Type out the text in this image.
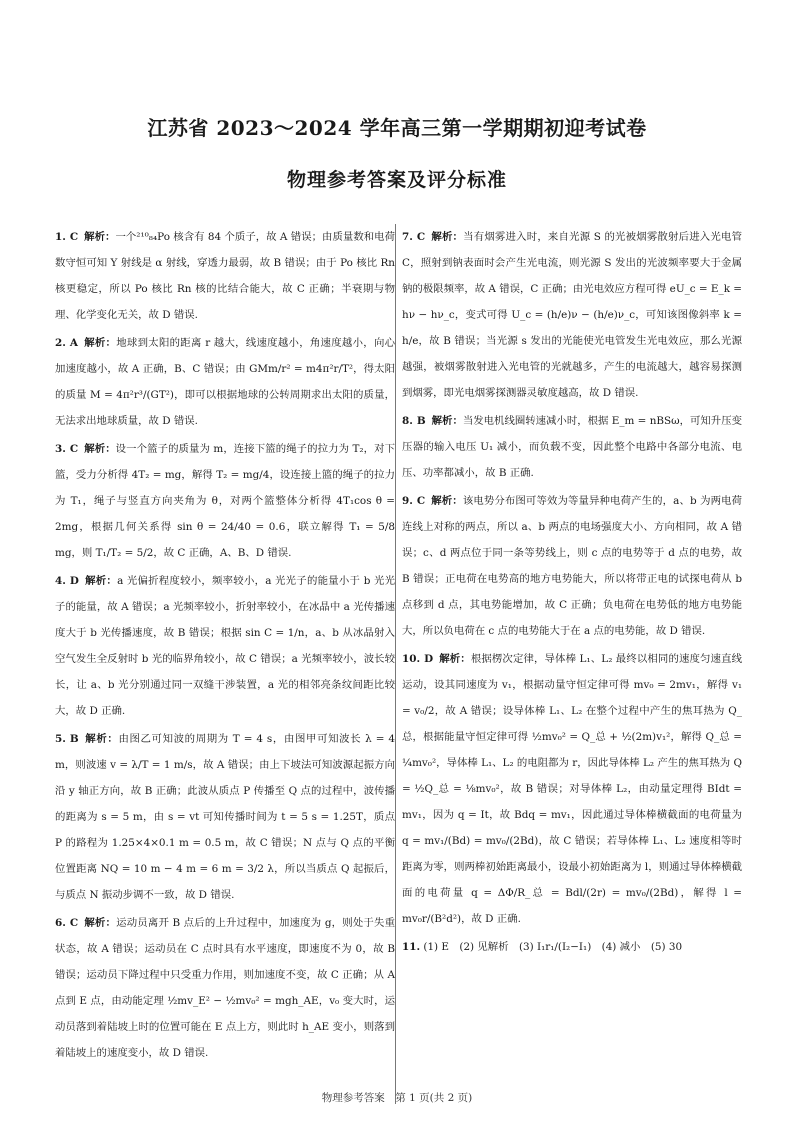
江苏省 2023～2024 学年高三第一学期期初迎考试卷
物理参考答案及评分标准

1. C 解析：一个²¹⁰₈₄Po 核含有 84 个质子，故 A 错误；由质量数和电荷数守恒可知 Y 射线是 α 射线，穿透力最弱，故 B 错误；由于 Po 核比 Rn 核更稳定，所以 Po 核比 Rn 核的比结合能大，故 C 正确；半衰期与物理、化学变化无关，故 D 错误.

2. A 解析：地球到太阳的距离 r 越大，线速度越小，角速度越小，向心加速度越小，故 A 正确，B、C 错误；由 GMm/r² = m4π²r/T²，得太阳的质量 M = 4π²r³/(GT²)，即可以根据地球的公转周期求出太阳的质量，无法求出地球质量，故 D 错误.

3. C 解析：设一个篮子的质量为 m，连接下篮的绳子的拉力为 T₂，对下篮，受力分析得 4T₂ = mg，解得 T₂ = mg/4，设连接上篮的绳子的拉力为 T₁，绳子与竖直方向夹角为 θ，对两个篮整体分析得 4T₁cos θ = 2mg，根据几何关系得 sin θ = 24/40 = 0.6，联立解得 T₁ = 5/8 mg，则 T₁/T₂ = 5/2，故 C 正确，A、B、D 错误.

4. D 解析：a 光偏折程度较小，频率较小，a 光光子的能量小于 b 光光子的能量，故 A 错误；a 光频率较小，折射率较小，在冰晶中 a 光传播速度大于 b 光传播速度，故 B 错误；根据 sin C = 1/n，a、b 从冰晶射入空气发生全反射时 b 光的临界角较小，故 C 错误；a 光频率较小，波长较长，让 a、b 光分别通过同一双缝干涉装置，a 光的相邻亮条纹间距比较大，故 D 正确.

5. B 解析：由图乙可知波的周期为 T = 4 s，由图甲可知波长 λ = 4 m，则波速 v = λ/T = 1 m/s，故 A 错误；由上下坡法可知波源起振方向沿 y 轴正方向，故 B 正确；此波从质点 P 传播至 Q 点的过程中，波传播的距离为 s = 5 m，由 s = vt 可知传播时间为 t = 5 s = 1.25T，质点 P 的路程为 1.25×4×0.1 m = 0.5 m，故 C 错误；N 点与 Q 点的平衡位置距离 NQ = 10 m − 4 m = 6 m = 3/2 λ，所以当质点 Q 起振后，与质点 N 振动步调不一致，故 D 错误.

6. C 解析：运动员离开 B 点后的上升过程中，加速度为 g，则处于失重状态，故 A 错误；运动员在 C 点时具有水平速度，即速度不为 0，故 B 错误；运动员下降过程中只受重力作用，则加速度不变，故 C 正确；从 A 点到 E 点，由动能定理 ½mv_E² − ½mv₀² = mgh_AE，v₀ 变大时，运动员落到着陆坡上时的位置可能在 E 点上方，则此时 h_AE 变小，则落到着陆坡上的速度变小，故 D 错误.

7. C 解析：当有烟雾进入时，来自光源 S 的光被烟雾散射后进入光电管 C，照射到钠表面时会产生光电流，则光源 S 发出的光波频率要大于金属钠的极限频率，故 A 错误，C 正确；由光电效应方程可得 eU_c = E_k = hν − hν_c，变式可得 U_c = (h/e)ν − (h/e)ν_c，可知该图像斜率 k = h/e，故 B 错误；当光源 s 发出的光能使光电管发生光电效应，那么光源越强，被烟雾散射进入光电管的光就越多，产生的电流越大，越容易探测到烟雾，即光电烟雾探测器灵敏度越高，故 D 错误.

8. B 解析：当发电机线圈转速减小时，根据 E_m = nBSω，可知升压变压器的输入电压 U₁ 减小，而负载不变，因此整个电路中各部分电流、电压、功率都减小，故 B 正确.

9. C 解析：该电势分布图可等效为等量异种电荷产生的，a、b 为两电荷连线上对称的两点，所以 a、b 两点的电场强度大小、方向相同，故 A 错误；c、d 两点位于同一条等势线上，则 c 点的电势等于 d 点的电势，故 B 错误；正电荷在电势高的地方电势能大，所以将带正电的试探电荷从 b 点移到 d 点，其电势能增加，故 C 正确；负电荷在电势低的地方电势能大，所以负电荷在 c 点的电势能大于在 a 点的电势能，故 D 错误.

10. D 解析：根据楞次定律，导体棒 L₁、L₂ 最终以相同的速度匀速直线运动，设其同速度为 v₁，根据动量守恒定律可得 mv₀ = 2mv₁，解得 v₁ = v₀/2，故 A 错误；设导体棒 L₁、L₂ 在整个过程中产生的焦耳热为 Q_总，根据能量守恒定律可得 ½mv₀² = Q_总 + ½(2m)v₁²，解得 Q_总 = ¼mv₀²，导体棒 L₁、L₂ 的电阻都为 r，因此导体棒 L₂ 产生的焦耳热为 Q = ½Q_总 = ⅛mv₀²，故 B 错误；对导体棒 L₂，由动量定理得 BIdt = mv₁，因为 q = It，故 Bdq = mv₁，因此通过导体棒横截面的电荷量为 q = mv₁/(Bd) = mv₀/(2Bd)，故 C 错误；若导体棒 L₁、L₂ 速度相等时距离为零，则两棒初始距离最小，设最小初始距离为 l，则通过导体棒横截面的电荷量 q = ΔΦ/R_总 = Bdl/(2r) = mv₀/(2Bd)，解得 l = mv₀r/(B²d²)，故 D 正确.

11. (1) E　(2) 见解析　(3) I₁r₁/(I₂−I₁)　(4) 减小　(5) 30

物理参考答案　第 1 页(共 2 页)
